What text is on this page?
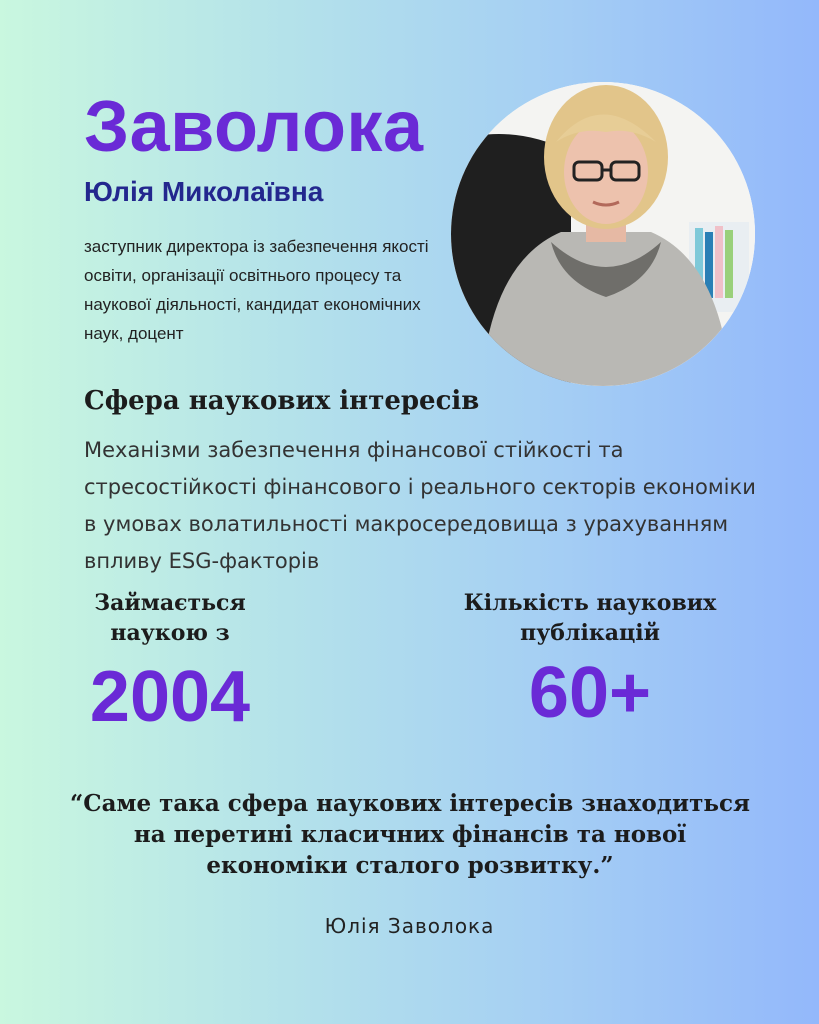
Заволока
Юлія Миколаївна

заступник директора із забезпечення якості освіти, організації освітнього процесу та наукової діяльності, кандидат економічних наук, доцент

Сфера наукових інтересів

Механізми забезпечення фінансової стійкості та стресостійкості фінансового і реального секторів економіки в умовах волатильності макросередовища з урахуванням впливу ESG-факторів

Займається наукою з
2004
Кількість наукових публікацій
60+

“Саме така сфера наукових інтересів знаходиться на перетині класичних фінансів та нової економіки сталого розвитку.”

Юлія Заволока
